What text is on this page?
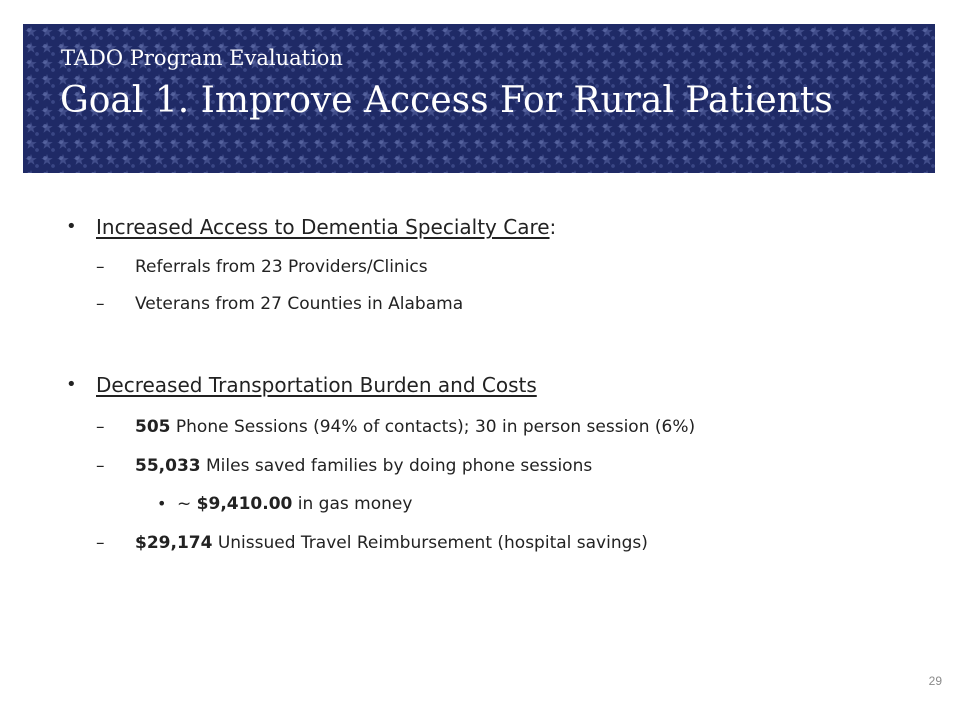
TADO Program Evaluation

Goal 1. Improve Access For Rural Patients
• Increased Access to Dementia Specialty Care:
– Referrals from 23 Providers/Clinics
– Veterans from 27 Counties in Alabama
• Decreased Transportation Burden and Costs
– 505 Phone Sessions (94% of contacts); 30 in person session (6%)
– 55,033 Miles saved families by doing phone sessions
• ~ $9,410.00 in gas money
– $29,174 Unissued Travel Reimbursement (hospital savings)
29
